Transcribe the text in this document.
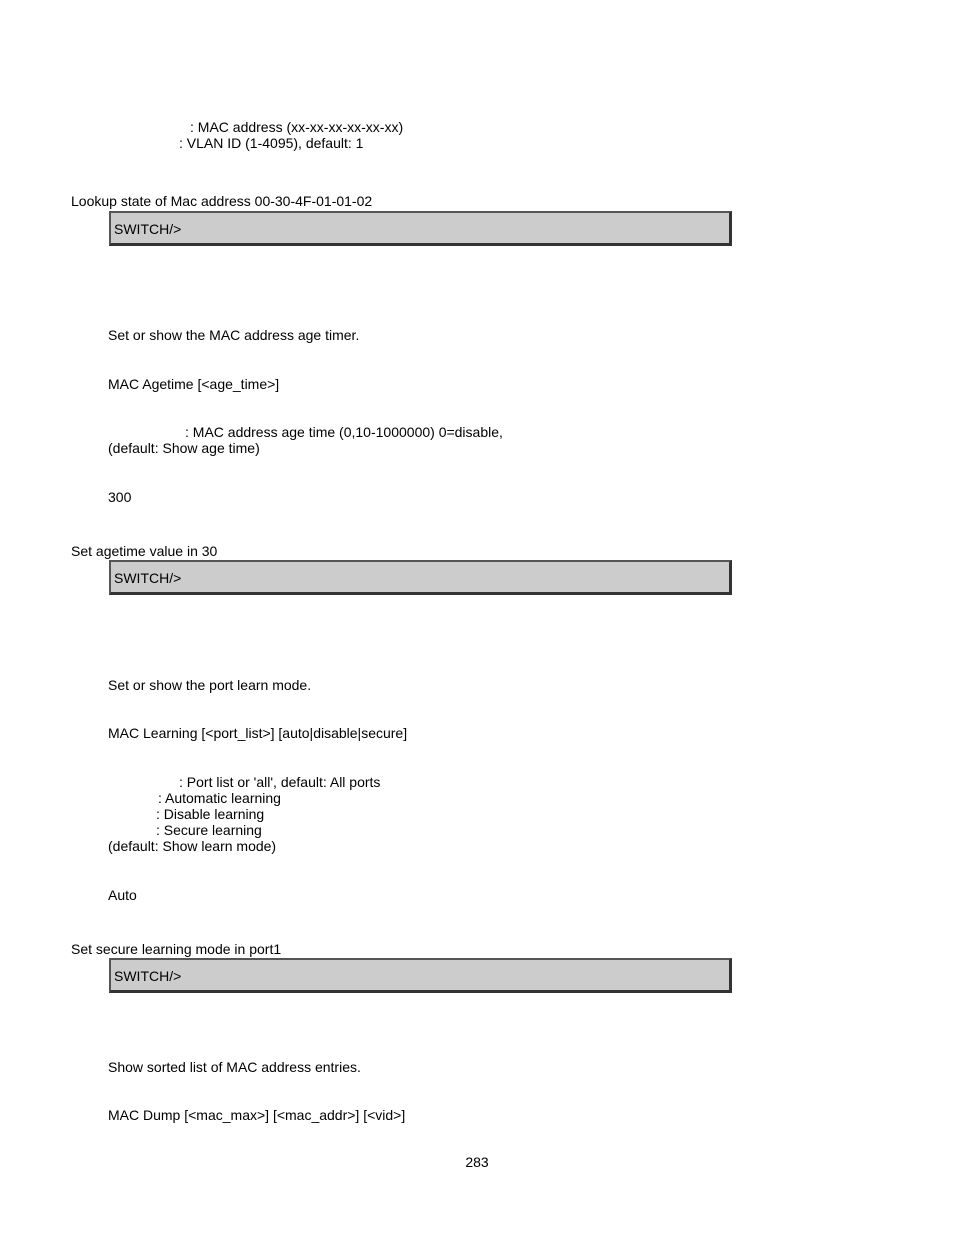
: MAC address (xx-xx-xx-xx-xx-xx)
: VLAN ID (1-4095), default: 1
Lookup state of Mac address 00-30-4F-01-01-02
SWITCH/>
Set or show the MAC address age timer.
MAC Agetime [<age_time>]
: MAC address age time (0,10-1000000) 0=disable,
(default: Show age time)
300
Set agetime value in 30
SWITCH/>
Set or show the port learn mode.
MAC Learning [<port_list>] [auto|disable|secure]
: Port list or 'all', default: All ports
: Automatic learning
: Disable learning
: Secure learning
(default: Show learn mode)
Auto
Set secure learning mode in port1
SWITCH/>
Show sorted list of MAC address entries.
MAC Dump [<mac_max>] [<mac_addr>] [<vid>]
283
